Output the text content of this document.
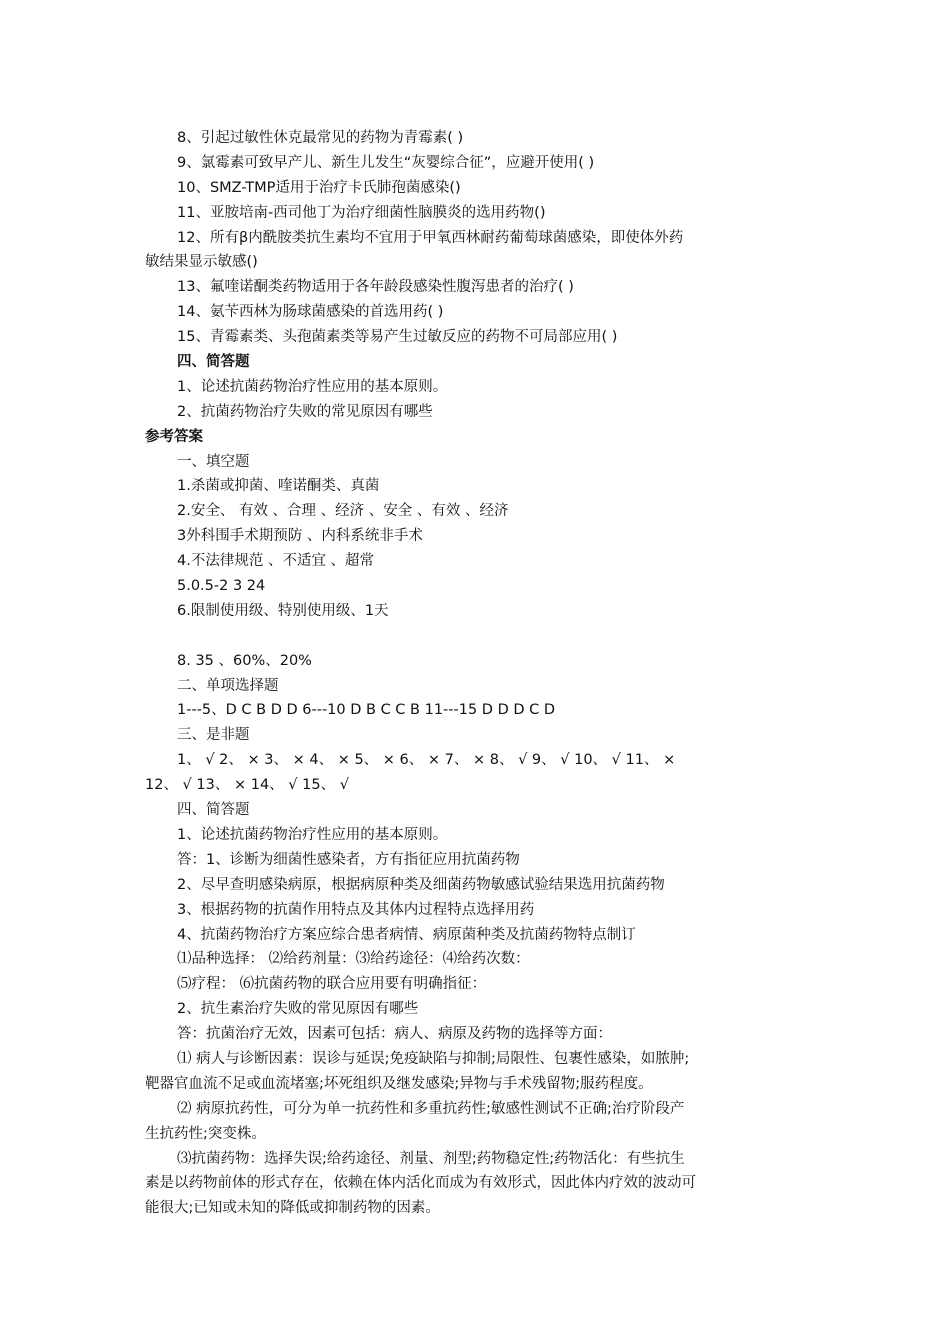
8、引起过敏性休克最常见的药物为青霉素( )
9、氯霉素可致早产儿、新生儿发生“灰婴综合征”，应避开使用( )
10、SMZ-TMP适用于治疗卡氏肺孢菌感染()
11、亚胺培南-西司他丁为治疗细菌性脑膜炎的选用药物()
12、所有β内酰胺类抗生素均不宜用于甲氧西林耐药葡萄球菌感染，即使体外药
敏结果显示敏感()
13、氟喹诺酮类药物适用于各年龄段感染性腹泻患者的治疗( )
14、氨苄西林为肠球菌感染的首选用药( )
15、青霉素类、头孢菌素类等易产生过敏反应的药物不可局部应用( )
四、简答题
1、论述抗菌药物治疗性应用的基本原则。
2、抗菌药物治疗失败的常见原因有哪些
参考答案
一、填空题
1.杀菌或抑菌、喹诺酮类、真菌
2.安全、 有效 、合理 、经济 、安全 、有效 、经济
3外科围手术期预防 、内科系统非手术
4.不法律规范 、不适宜 、超常
5.0.5-2 3 24
6.限制使用级、特别使用级、1天
8. 35 、60%、20%
二、单项选择题
1---5、D C B D D 6---10 D B C C B 11---15 D D D C D
三、是非题
1、 √ 2、 × 3、 × 4、 × 5、 × 6、 × 7、 × 8、 √ 9、 √ 10、 √ 11、 ×
12、 √ 13、 × 14、 √ 15、 √
四、简答题
1、论述抗菌药物治疗性应用的基本原则。
答：1、诊断为细菌性感染者，方有指征应用抗菌药物
2、尽早查明感染病原，根据病原种类及细菌药物敏感试验结果选用抗菌药物
3、根据药物的抗菌作用特点及其体内过程特点选择用药
4、抗菌药物治疗方案应综合患者病情、病原菌种类及抗菌药物特点制订
⑴品种选择： ⑵给药剂量：⑶给药途径：⑷给药次数：
⑸疗程： ⑹抗菌药物的联合应用要有明确指征：
2、抗生素治疗失败的常见原因有哪些
答：抗菌治疗无效，因素可包括：病人、病原及药物的选择等方面：
⑴ 病人与诊断因素：误诊与延误;免疫缺陷与抑制;局限性、包裹性感染，如脓肿;
靶器官血流不足或血流堵塞;坏死组织及继发感染;异物与手术残留物;服药程度。
⑵ 病原抗药性，可分为单一抗药性和多重抗药性;敏感性测试不正确;治疗阶段产
生抗药性;突变株。
⑶抗菌药物：选择失误;给药途径、剂量、剂型;药物稳定性;药物活化：有些抗生
素是以药物前体的形式存在，依赖在体内活化而成为有效形式，因此体内疗效的波动可
能很大;已知或未知的降低或抑制药物的因素。
